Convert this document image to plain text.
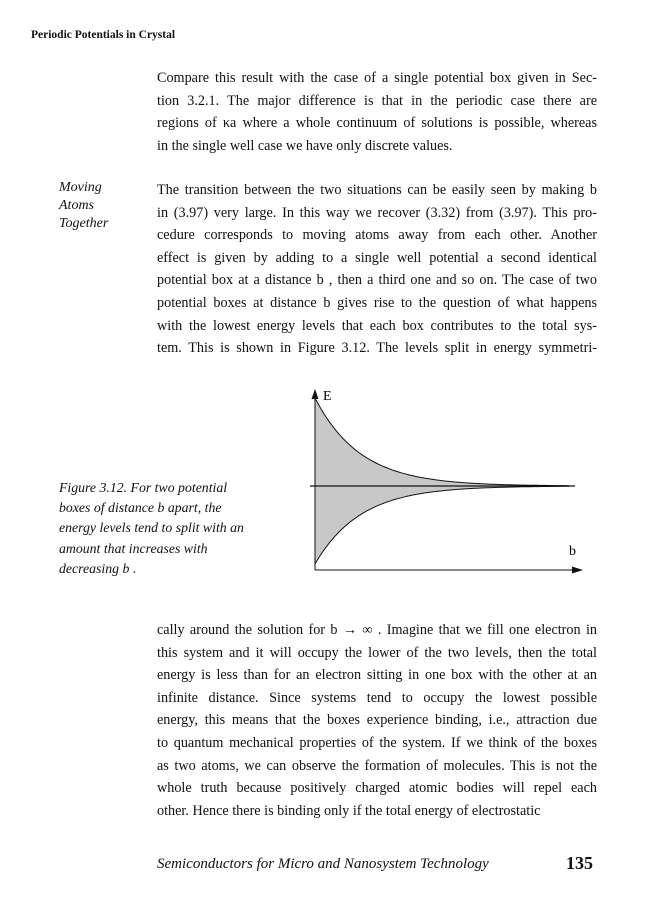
Periodic Potentials in Crystal
Compare this result with the case of a single potential box given in Sec-
tion 3.2.1. The major difference is that in the periodic case there are
regions of κa where a whole continuum of solutions is possible, whereas
in the single well case we have only discrete values.
Moving
Atoms
Together
The transition between the two situations can be easily seen by making b
in (3.97) very large. In this way we recover (3.32) from (3.97). This pro-
cedure corresponds to moving atoms away from each other. Another
effect is given by adding to a single well potential a second identical
potential box at a distance b , then a third one and so on. The case of two
potential boxes at distance b gives rise to the question of what happens
with the lowest energy levels that each box contributes to the total sys-
tem. This is shown in Figure 3.12. The levels split in energy symmetri-
Figure 3.12. For two potential
boxes of distance b apart, the
energy levels tend to split with an
amount that increases with
decreasing b .
E
b
cally around the solution for b → ∞ . Imagine that we fill one electron in
this system and it will occupy the lower of the two levels, then the total
energy is less than for an electron sitting in one box with the other at an
infinite distance. Since systems tend to occupy the lowest possible
energy, this means that the boxes experience binding, i.e., attraction due
to quantum mechanical properties of the system. If we think of the boxes
as two atoms, we can observe the formation of molecules. This is not the
whole truth because positively charged atomic bodies will repel each
other. Hence there is binding only if the total energy of electrostatic
Semiconductors for Micro and Nanosystem Technology	135
